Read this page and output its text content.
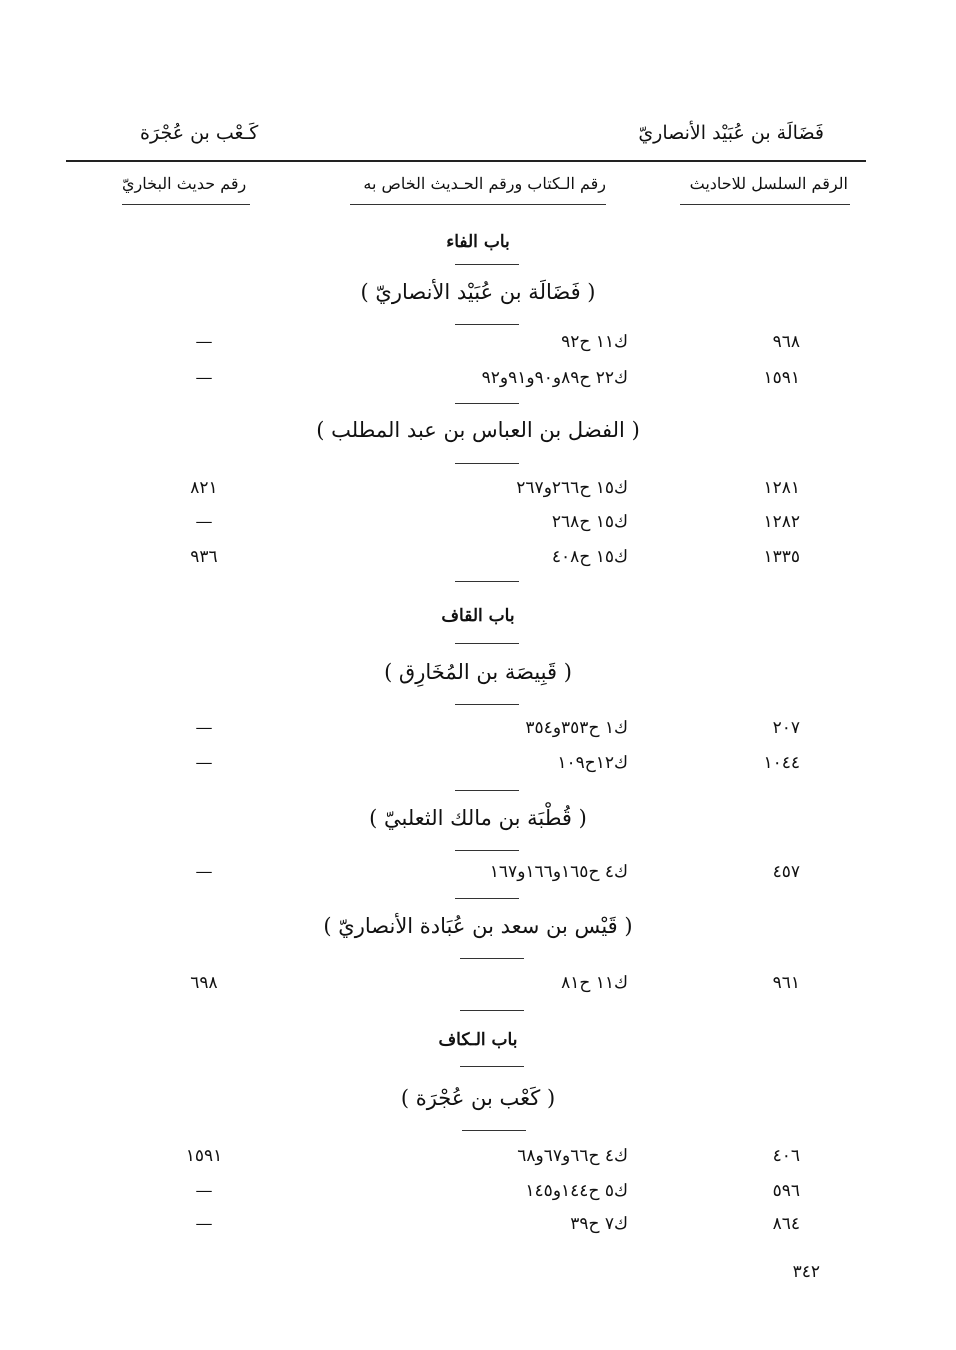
فَضَالَة بن عُبَيْد الأنصاريّ
كَـعْب بن عُجْرَة
الرقم السلسل للاحاديث
رقم الـكتاب ورقم الحـديث الخاص به
رقم حديث البخاريّ
باب الفاء
( فَضَالَة بن عُبَيْد الأنصاريّ )
٩٦٨
ك١١ ح٩٢
—
١٥٩١
ك٢٢ ح٨٩و٩٠و٩١و٩٢
—
( الفضل بن العباس بن عبد المطلب )
١٢٨١
ك١٥ ح٢٦٦و٢٦٧
٨٢١
١٢٨٢
ك١٥ ح٢٦٨
—
١٣٣٥
ك١٥ ح٤٠٨
٩٣٦
باب القاف
( قَبِيصَة بن المُخَارِق )
٢٠٧
ك١ ح٣٥٣و٣٥٤
—
١٠٤٤
ك١٢ح١٠٩
—
( قُطْبَة بن مالك الثعلبيّ )
٤٥٧
ك٤ ح١٦٥و١٦٦و١٦٧
—
( قَيْس بن سعد بن عُبَادة الأنصاريّ )
٩٦١
ك١١ ح٨١
٦٩٨
باب الـكاف
( كَعْب بن عُجْرَة )
٤٠٦
ك٤ ح٦٦و٦٧و٦٨
١٥٩١
٥٩٦
ك٥ ح١٤٤و١٤٥
—
٨٦٤
ك٧ ح٣٩
—
٣٤٢
